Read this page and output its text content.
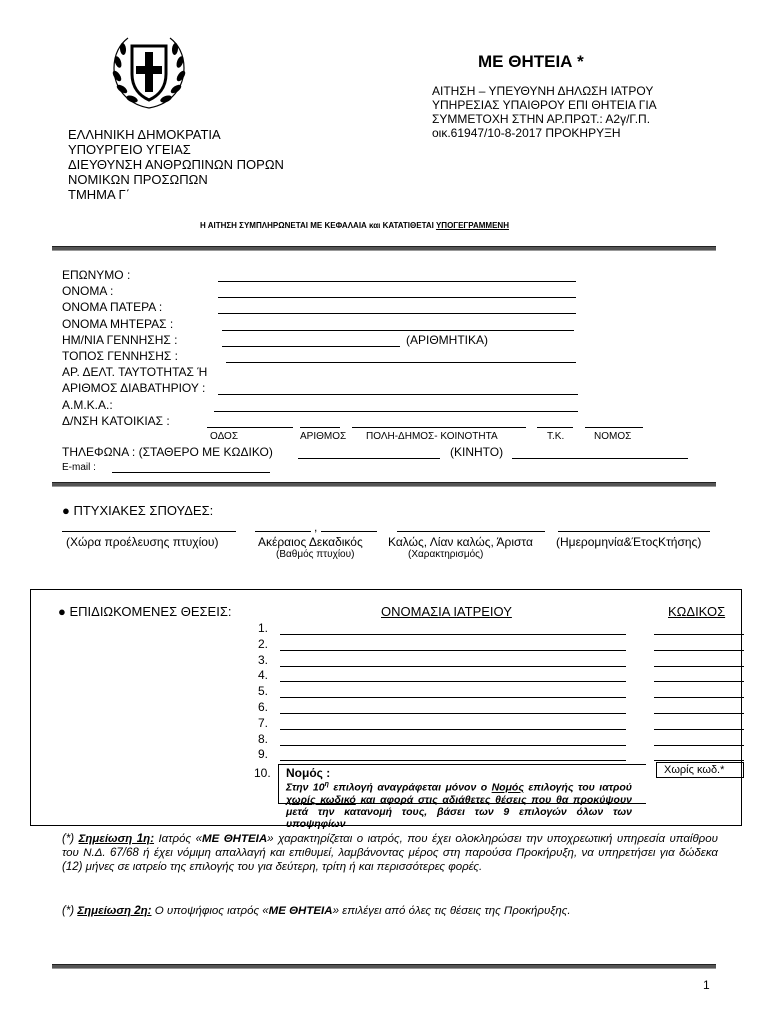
ΕΛΛΗΝΙΚΗ ΔΗΜΟΚΡΑΤΙΑ
ΥΠΟΥΡΓΕΙΟ ΥΓΕΙΑΣ
ΔΙΕΥΘΥΝΣΗ ΑΝΘΡΩΠΙΝΩΝ ΠΟΡΩΝ
ΝΟΜΙΚΩΝ ΠΡΟΣΩΠΩΝ
ΤΜΗΜΑ Γ΄
ΜΕ ΘΗΤΕΙΑ *
ΑΙΤΗΣΗ – ΥΠΕΥΘΥΝΗ ΔΗΛΩΣΗ ΙΑΤΡΟΥ
ΥΠΗΡΕΣΙΑΣ ΥΠΑΙΘΡΟΥ ΕΠΙ ΘΗΤΕΙΑ ΓΙΑ
ΣΥΜΜΕΤΟΧΗ ΣΤΗΝ ΑΡ.ΠΡΩΤ.: Α2γ/Γ.Π.
οικ.61947/10-8-2017 ΠΡΟΚΗΡΥΞΗ
Η ΑΙΤΗΣΗ ΣΥΜΠΛΗΡΩΝΕΤΑΙ ΜΕ ΚΕΦΑΛΑΙΑ και ΚΑΤΑΤΙΘΕΤΑΙ ΥΠΟΓΕΓΡΑΜΜΕΝΗ
ΕΠΩΝΥΜΟ :
ΟΝΟΜΑ :
ΟΝΟΜΑ ΠΑΤΕΡΑ :
ΟΝΟΜΑ ΜΗΤΕΡΑΣ :
ΗΜ/ΝΙΑ ΓΕΝΝΗΣΗΣ :	(ΑΡΙΘΜΗΤΙΚΑ)
ΤΟΠΟΣ ΓΕΝΝΗΣΗΣ :
ΑΡ. ΔΕΛΤ. ΤΑΥΤΟΤΗΤΑΣ Ή
ΑΡΙΘΜΟΣ ΔΙΑΒΑΤΗΡΙΟΥ :
Α.Μ.Κ.Α.:
Δ/ΝΣΗ ΚΑΤΟΙΚΙΑΣ :
ΟΔΟΣ	ΑΡΙΘΜΟΣ ΠΟΛΗ-ΔΗΜΟΣ- ΚΟΙΝΟΤΗΤΑ	Τ.Κ.	ΝΟΜΟΣ
ΤΗΛΕΦΩΝΑ : (ΣΤΑΘΕΡΟ ΜΕ ΚΩΔΙΚΟ)	(ΚΙΝΗΤΟ)
E-mail :
● ΠΤΥΧΙΑΚΕΣ ΣΠΟΥΔΕΣ:
,
(Χώρα προέλευσης πτυχίου)	Ακέραιος Δεκαδικός
(Βαθμός πτυχίου)
Καλώς, Λίαν καλώς, Άριστα
(Χαρακτηρισμός)
(Ημερομηνία&ΈτοςΚτήσης)
● ΕΠΙΔΙΩΚΟΜΕΝΕΣ ΘΕΣΕΙΣ:	ΟΝΟΜΑΣΙΑ ΙΑΤΡΕΙΟΥ	ΚΩΔΙΚΟΣ
1.
2.
3.
4.
5.
6.
7.
8.
9.
10. Νομός :	Χωρίς κωδ.*
Στην $10^\eta$ επιλογή αναγράφεται μόνον ο Νομός επιλογής του ιατρού χωρίς κωδικό και αφορά στις αδιάθετες θέσεις που θα προκύψουν μετά την κατανομή τους, βάσει των 9 επιλογών όλων των υποψηφίων
(*) Σημείωση 1η: Ιατρός «ΜΕ ΘΗΤΕΙΑ» χαρακτηρίζεται ο ιατρός, που έχει ολοκληρώσει την υποχρεωτική υπηρεσία υπαίθρου του Ν.Δ. 67/68 ή έχει νόμιμη απαλλαγή και επιθυμεί, λαμβάνοντας μέρος στη παρούσα Προκήρυξη, να υπηρετήσει για δώδεκα (12) μήνες σε ιατρείο της επιλογής του για δεύτερη, τρίτη ή και περισσότερες φορές.
(*) Σημείωση 2η: Ο υποψήφιος ιατρός «ΜΕ ΘΗΤΕΙΑ» επιλέγει από όλες τις θέσεις της Προκήρυξης.
1
